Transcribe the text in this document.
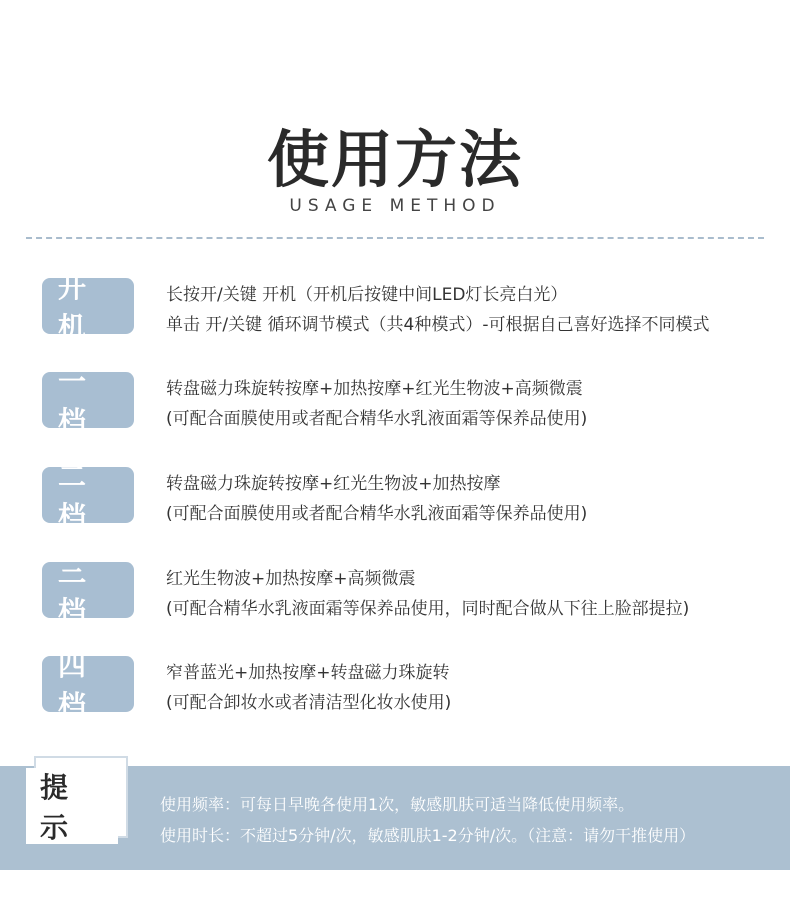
使用方法
USAGE METHOD
开机
长按开/关键 开机（开机后按键中间LED灯长亮白光）
单击 开/关键 循环调节模式（共4种模式）-可根据自己喜好选择不同模式
一档
转盘磁力珠旋转按摩+加热按摩+红光生物波+高频微震
(可配合面膜使用或者配合精华水乳液面霜等保养品使用)
二档
转盘磁力珠旋转按摩+红光生物波+加热按摩
(可配合面膜使用或者配合精华水乳液面霜等保养品使用)
三档
红光生物波+加热按摩+高频微震
(可配合精华水乳液面霜等保养品使用，同时配合做从下往上脸部提拉)
四档
窄普蓝光+加热按摩+转盘磁力珠旋转
(可配合卸妆水或者清洁型化妆水使用)
提示
使用频率：可每日早晚各使用1次，敏感肌肤可适当降低使用频率。
使用时长：不超过5分钟/次，敏感肌肤1-2分钟/次。（注意：请勿干推使用）
